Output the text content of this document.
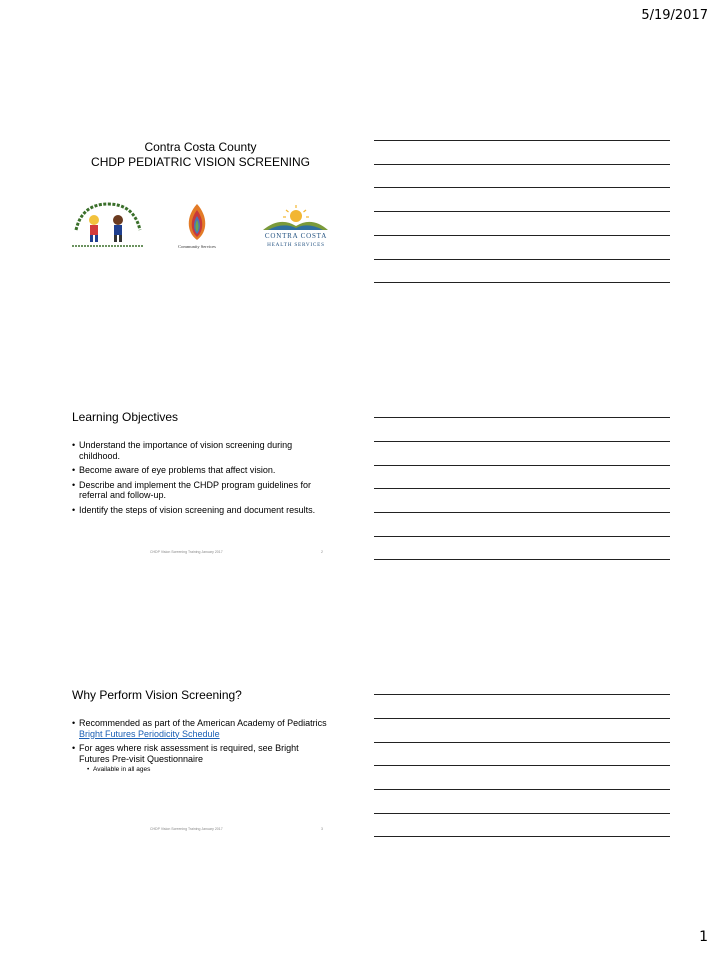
5/19/2017
Contra Costa County
CHDP PEDIATRIC VISION SCREENING
Community Services
CONTRA COSTA
HEALTH SERVICES
Learning Objectives
• Understand the importance of vision screening during childhood.
• Become aware of eye problems that affect vision.
• Describe and implement the CHDP program guidelines for referral and follow-up.
• Identify the steps of vision screening and document results.
CHDP Vision Screening Training January 2017	2
Why Perform Vision Screening?
• Recommended as part of the American Academy of Pediatrics Bright Futures Periodicity Schedule
• For ages where risk assessment is required, see Bright Futures Pre-visit Questionnaire
• Available in all ages
CHDP Vision Screening Training January 2017	3
1
